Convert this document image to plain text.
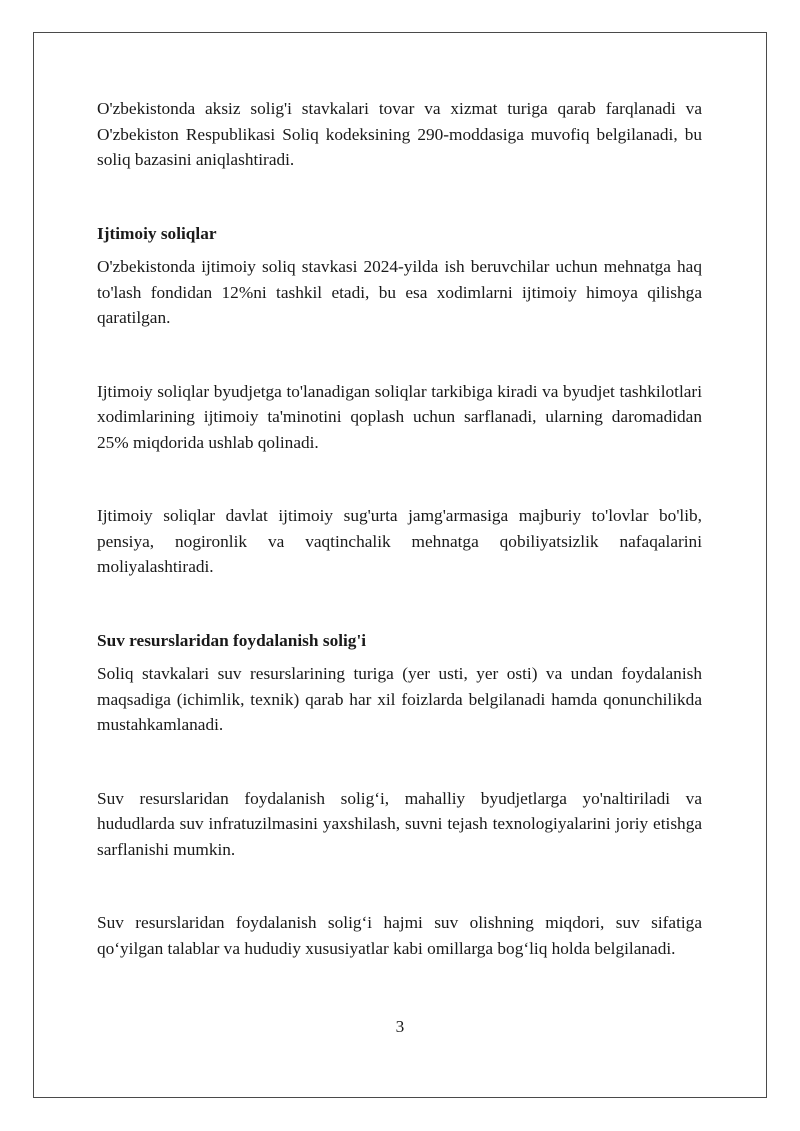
O'zbekistonda aksiz solig'i stavkalari tovar va xizmat turiga qarab farqlanadi va O'zbekiston Respublikasi Soliq kodeksining 290-moddasiga muvofiq belgilanadi, bu soliq bazasini aniqlashtiradi.

Ijtimoiy soliqlar

O'zbekistonda ijtimoiy soliq stavkasi 2024-yilda ish beruvchilar uchun mehnatga haq to'lash fondidan 12%ni tashkil etadi, bu esa xodimlarni ijtimoiy himoya qilishga qaratilgan.

Ijtimoiy soliqlar byudjetga to'lanadigan soliqlar tarkibiga kiradi va byudjet tashkilotlari xodimlarining ijtimoiy ta'minotini qoplash uchun sarflanadi, ularning daromadidan 25% miqdorida ushlab qolinadi.

Ijtimoiy soliqlar davlat ijtimoiy sug'urta jamg'armasiga majburiy to'lovlar bo'lib, pensiya, nogironlik va vaqtinchalik mehnatga qobiliyatsizlik nafaqalarini moliyalashtiradi.

Suv resurslaridan foydalanish solig'i

Soliq stavkalari suv resurslarining turiga (yer usti, yer osti) va undan foydalanish maqsadiga (ichimlik, texnik) qarab har xil foizlarda belgilanadi hamda qonunchilikda mustahkamlanadi.

Suv resurslaridan foydalanish solig‘i, mahalliy byudjetlarga yo'naltiriladi va hududlarda suv infratuzilmasini yaxshilash, suvni tejash texnologiyalarini joriy etishga sarflanishi mumkin.

Suv resurslaridan foydalanish solig‘i hajmi suv olishning miqdori, suv sifatiga qo‘yilgan talablar va hududiy xususiyatlar kabi omillarga bog‘liq holda belgilanadi.

3
